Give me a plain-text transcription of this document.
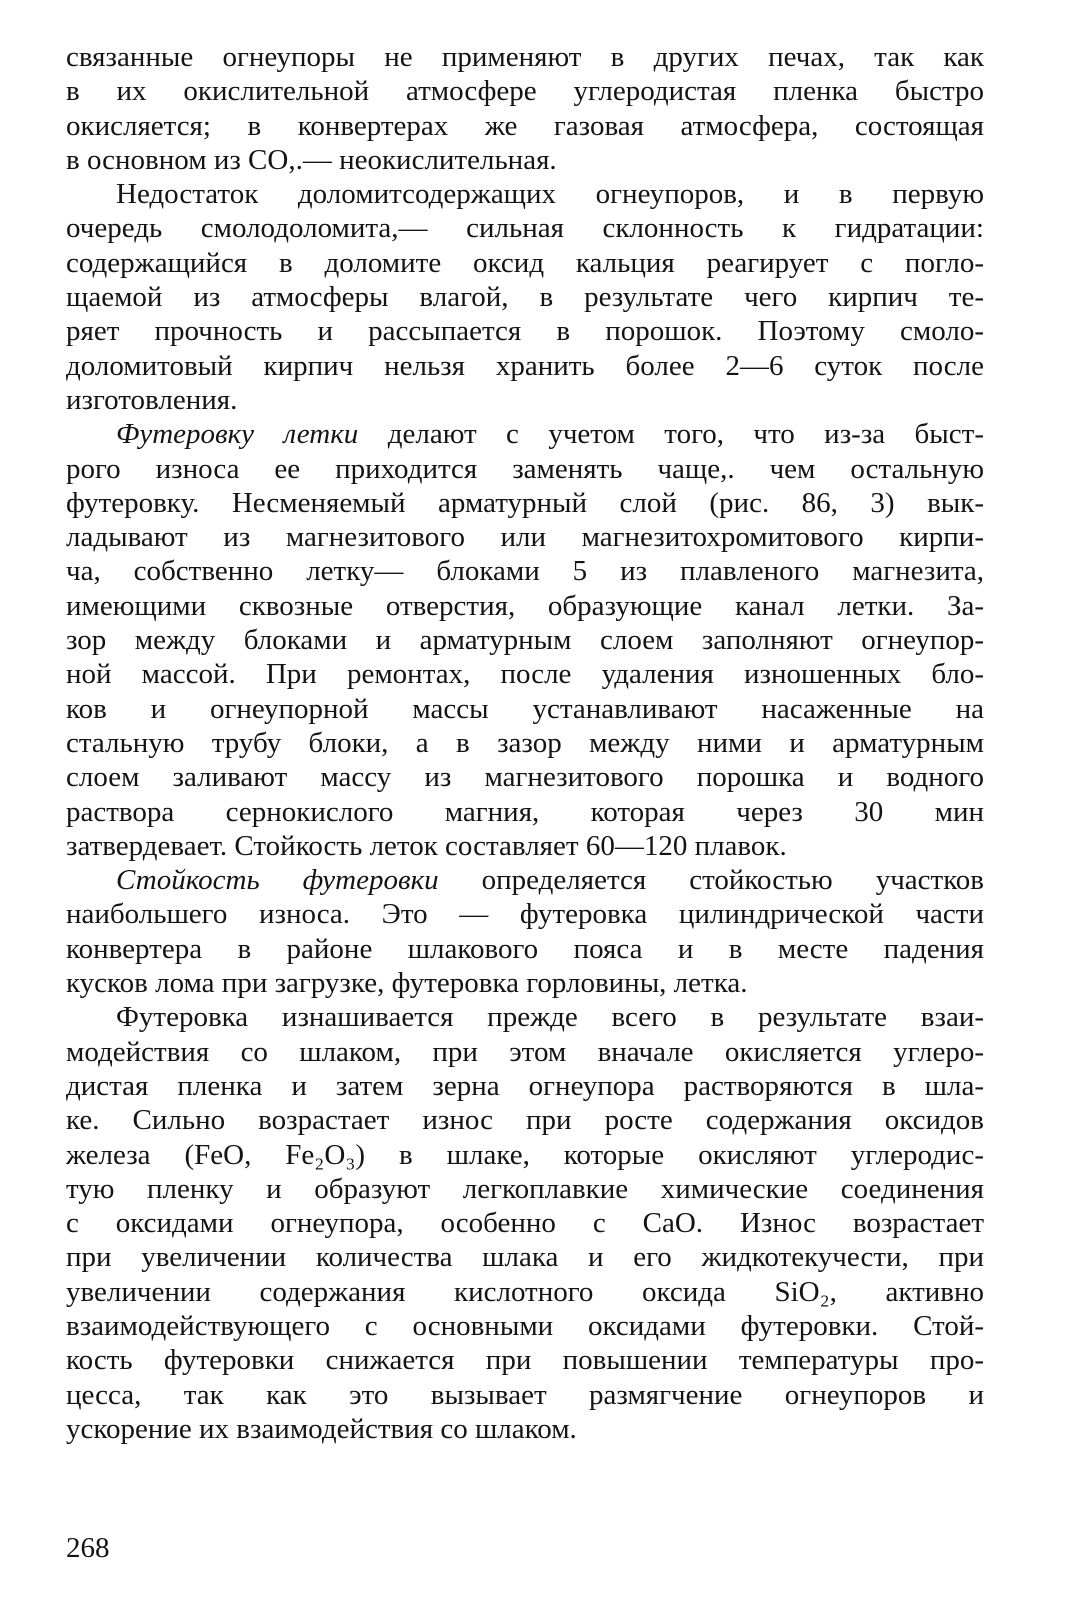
связанные огнеупоры не применяют в других печах, так как
в их окислительной атмосфере углеродистая пленка быстро
окисляется; в конвертерах же газовая атмосфера, состоящая
в основном из CO,.— неокислительная.
Недостаток доломитсодержащих огнеупоров, и в первую
очередь смолодоломита,— сильная склонность к гидратации:
содержащийся в доломите оксид кальция реагирует с погло-
щаемой из атмосферы влагой, в результате чего кирпич те-
ряет прочность и рассыпается в порошок. Поэтому смоло-
доломитовый кирпич нельзя хранить более 2—6 суток после
изготовления.
Футеровку летки делают с учетом того, что из-за быст-
рого износа ее приходится заменять чаще,. чем остальную
футеровку. Несменяемый арматурный слой (рис. 86, 3) вык-
ладывают из магнезитового или магнезитохромитового кирпи-
ча, собственно летку— блоками 5 из плавленого магнезита,
имеющими сквозные отверстия, образующие канал летки. За-
зор между блоками и арматурным слоем заполняют огнеупор-
ной массой. При ремонтах, после удаления изношенных бло-
ков и огнеупорной массы устанавливают насаженные на
стальную трубу блоки, а в зазор между ними и арматурным
слоем заливают массу из магнезитового порошка и водного
раствора сернокислого магния, которая через 30 мин
затвердевает. Стойкость леток составляет 60—120 плавок.
Стойкость футеровки определяется стойкостью участков
наибольшего износа. Это — футеровка цилиндрической части
конвертера в районе шлакового пояса и в месте падения
кусков лома при загрузке, футеровка горловины, летка.
Футеровка изнашивается прежде всего в результате взаи-
модействия со шлаком, при этом вначале окисляется углеро-
дистая пленка и затем зерна огнеупора растворяются в шла-
ке. Сильно возрастает износ при росте содержания оксидов
железа (FeO, Fe₂O₃) в шлаке, которые окисляют углеродис-
тую пленку и образуют легкоплавкие химические соединения
с оксидами огнеупора, особенно с CaO. Износ возрастает
при увеличении количества шлака и его жидкотекучести, при
увеличении содержания кислотного оксида SiO₂, активно
взаимодействующего с основными оксидами футеровки. Стой-
кость футеровки снижается при повышении температуры про-
цесса, так как это вызывает размягчение огнеупоров и
ускорение их взаимодействия со шлаком.
268
